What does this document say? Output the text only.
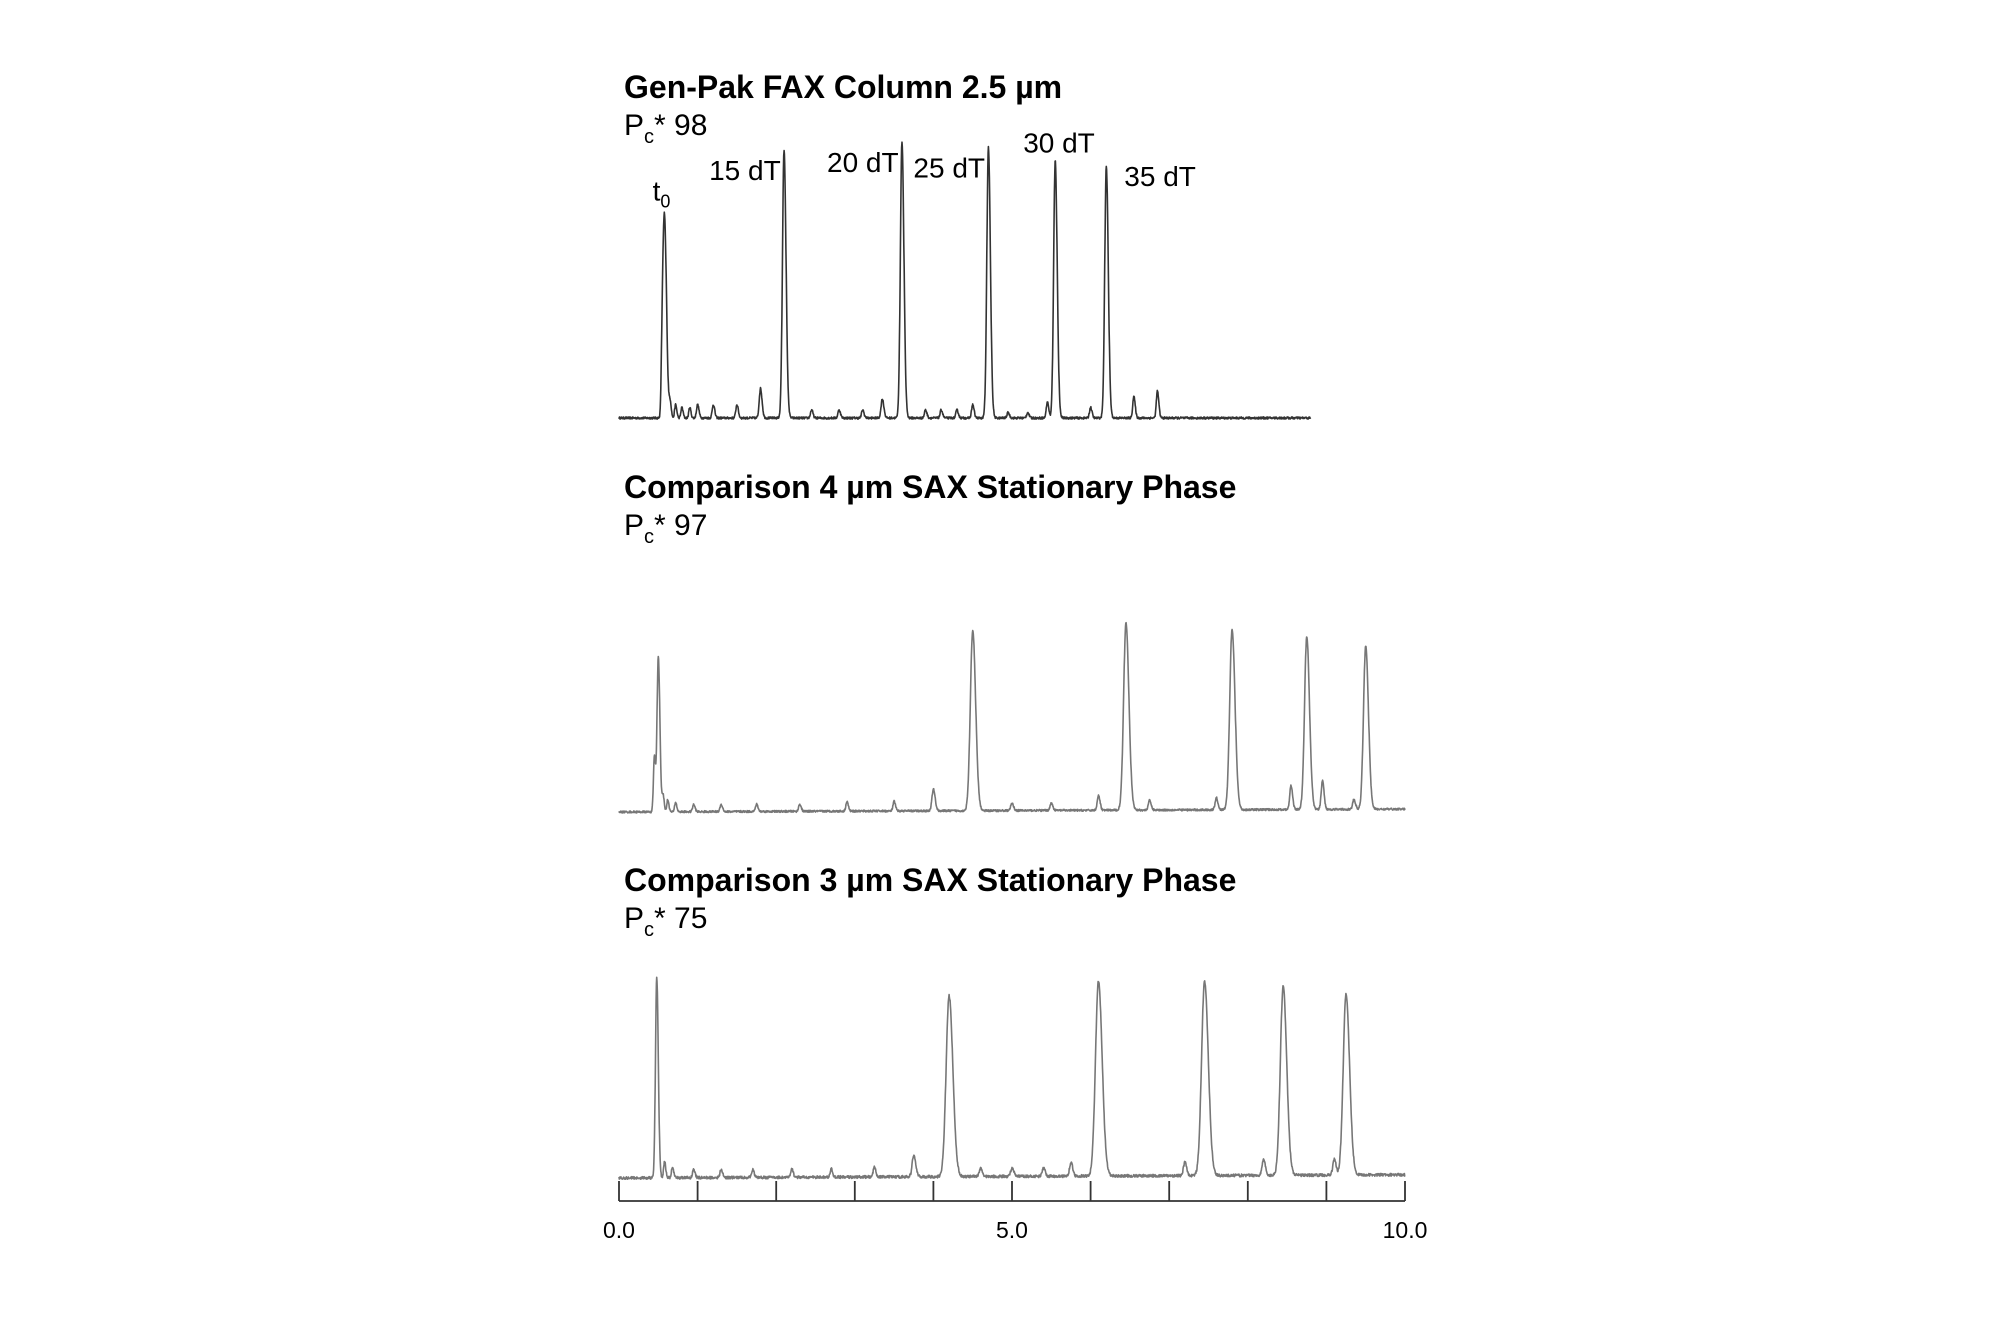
Gen-Pak FAX Column 2.5 µm
$P_c*$ 98
$t_0$
15 dT 20 dT 25 dT
30 dT
35 dT
Comparison 4 µm SAX Stationary Phase
$P_c*$ 97
Comparison 3 µm SAX Stationary Phase
$P_c*$ 75
0.0	5.0	10.0
